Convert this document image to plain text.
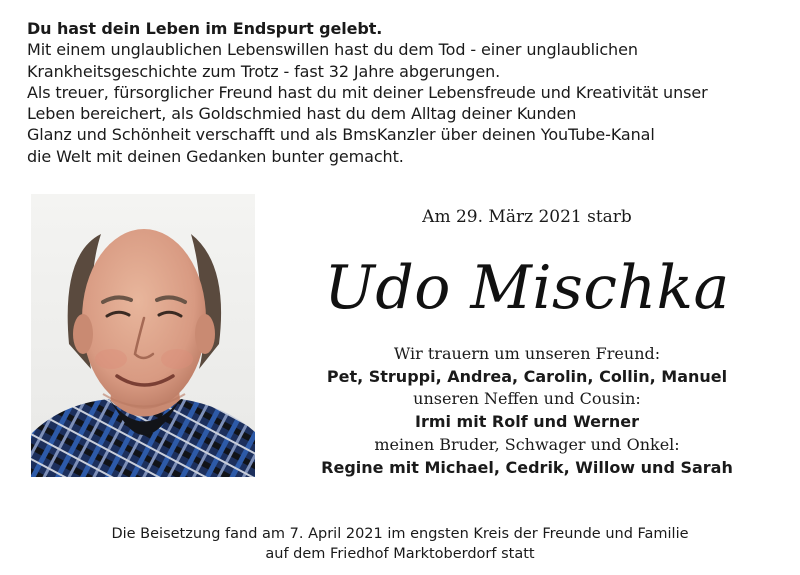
Du hast dein Leben im Endspurt gelebt.
Mit einem unglaublichen Lebenswillen hast du dem Tod - einer unglaublichen
Krankheitsgeschichte zum Trotz - fast 32 Jahre abgerungen.
Als treuer, fürsorglicher Freund hast du mit deiner Lebensfreude und Kreativität unser
Leben bereichert, als Goldschmied hast du dem Alltag deiner Kunden
Glanz und Schönheit verschafft und als BmsKanzler über deinen YouTube-Kanal
die Welt mit deinen Gedanken bunter gemacht.
Am 29. März 2021 starb
Udo Mischka
Wir trauern um unseren Freund:
Pet, Struppi, Andrea, Carolin, Collin, Manuel
unseren Neffen und Cousin:
Irmi mit Rolf und Werner
meinen Bruder, Schwager und Onkel:
Regine mit Michael, Cedrik, Willow und Sarah
Die Beisetzung fand am 7. April 2021 im engsten Kreis der Freunde und Familie
auf dem Friedhof Marktoberdorf statt
